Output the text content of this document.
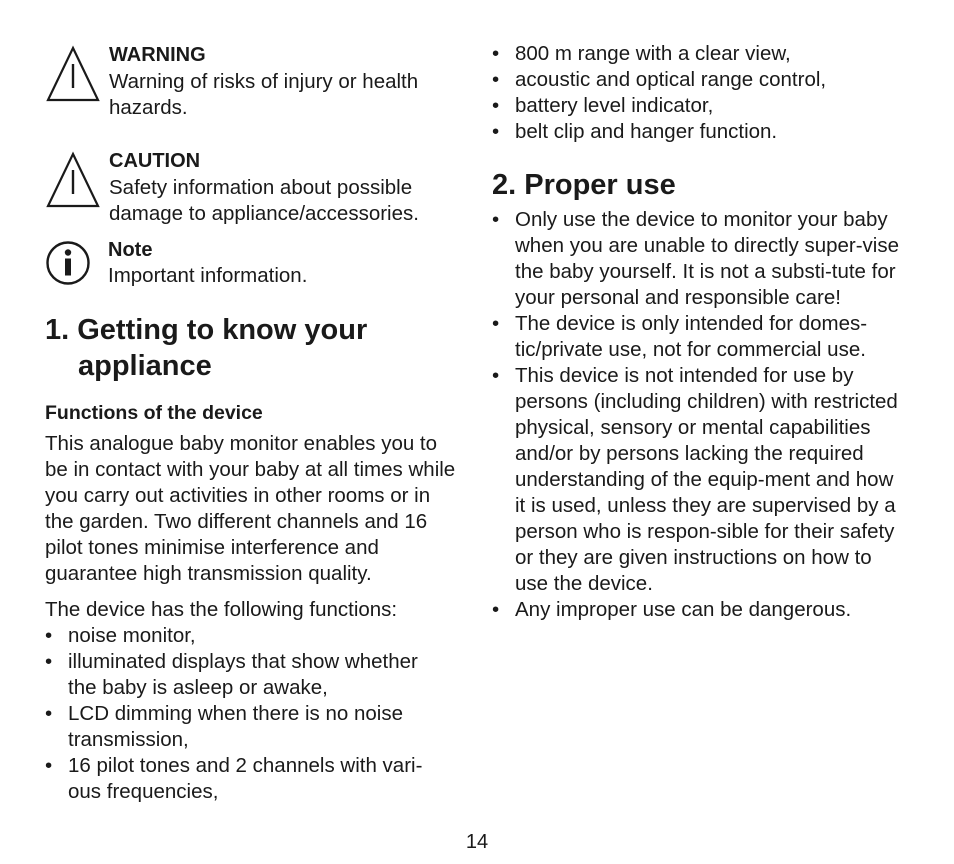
WARNING
Warning of risks of injury or health hazards.
CAUTION
Safety information about possible damage to appliance/accessories.
Note
Important information.
1. Getting to know your
appliance
Functions of the device
This analogue baby monitor enables you to be in contact with your baby at all times while you carry out activities in other rooms or in the garden. Two different channels and 16 pilot tones minimise interference and guarantee high transmission quality.
The device has the following functions:
• noise monitor,
• illuminated displays that show whether the baby is asleep or awake,
• LCD dimming when there is no noise transmission,
• 16 pilot tones and 2 channels with vari-ous frequencies,
• 800 m range with a clear view,
• acoustic and optical range control,
• battery level indicator,
• belt clip and hanger function.
2. Proper use
• Only use the device to monitor your baby when you are unable to directly super-vise the baby yourself. It is not a substi-tute for your personal and responsible care!
• The device is only intended for domes-tic/private use, not for commercial use.
• This device is not intended for use by persons (including children) with restricted physical, sensory or mental capabilities and/or by persons lacking the required understanding of the equip-ment and how it is used, unless they are supervised by a person who is respon-sible for their safety or they are given instructions on how to use the device.
• Any improper use can be dangerous.
14
